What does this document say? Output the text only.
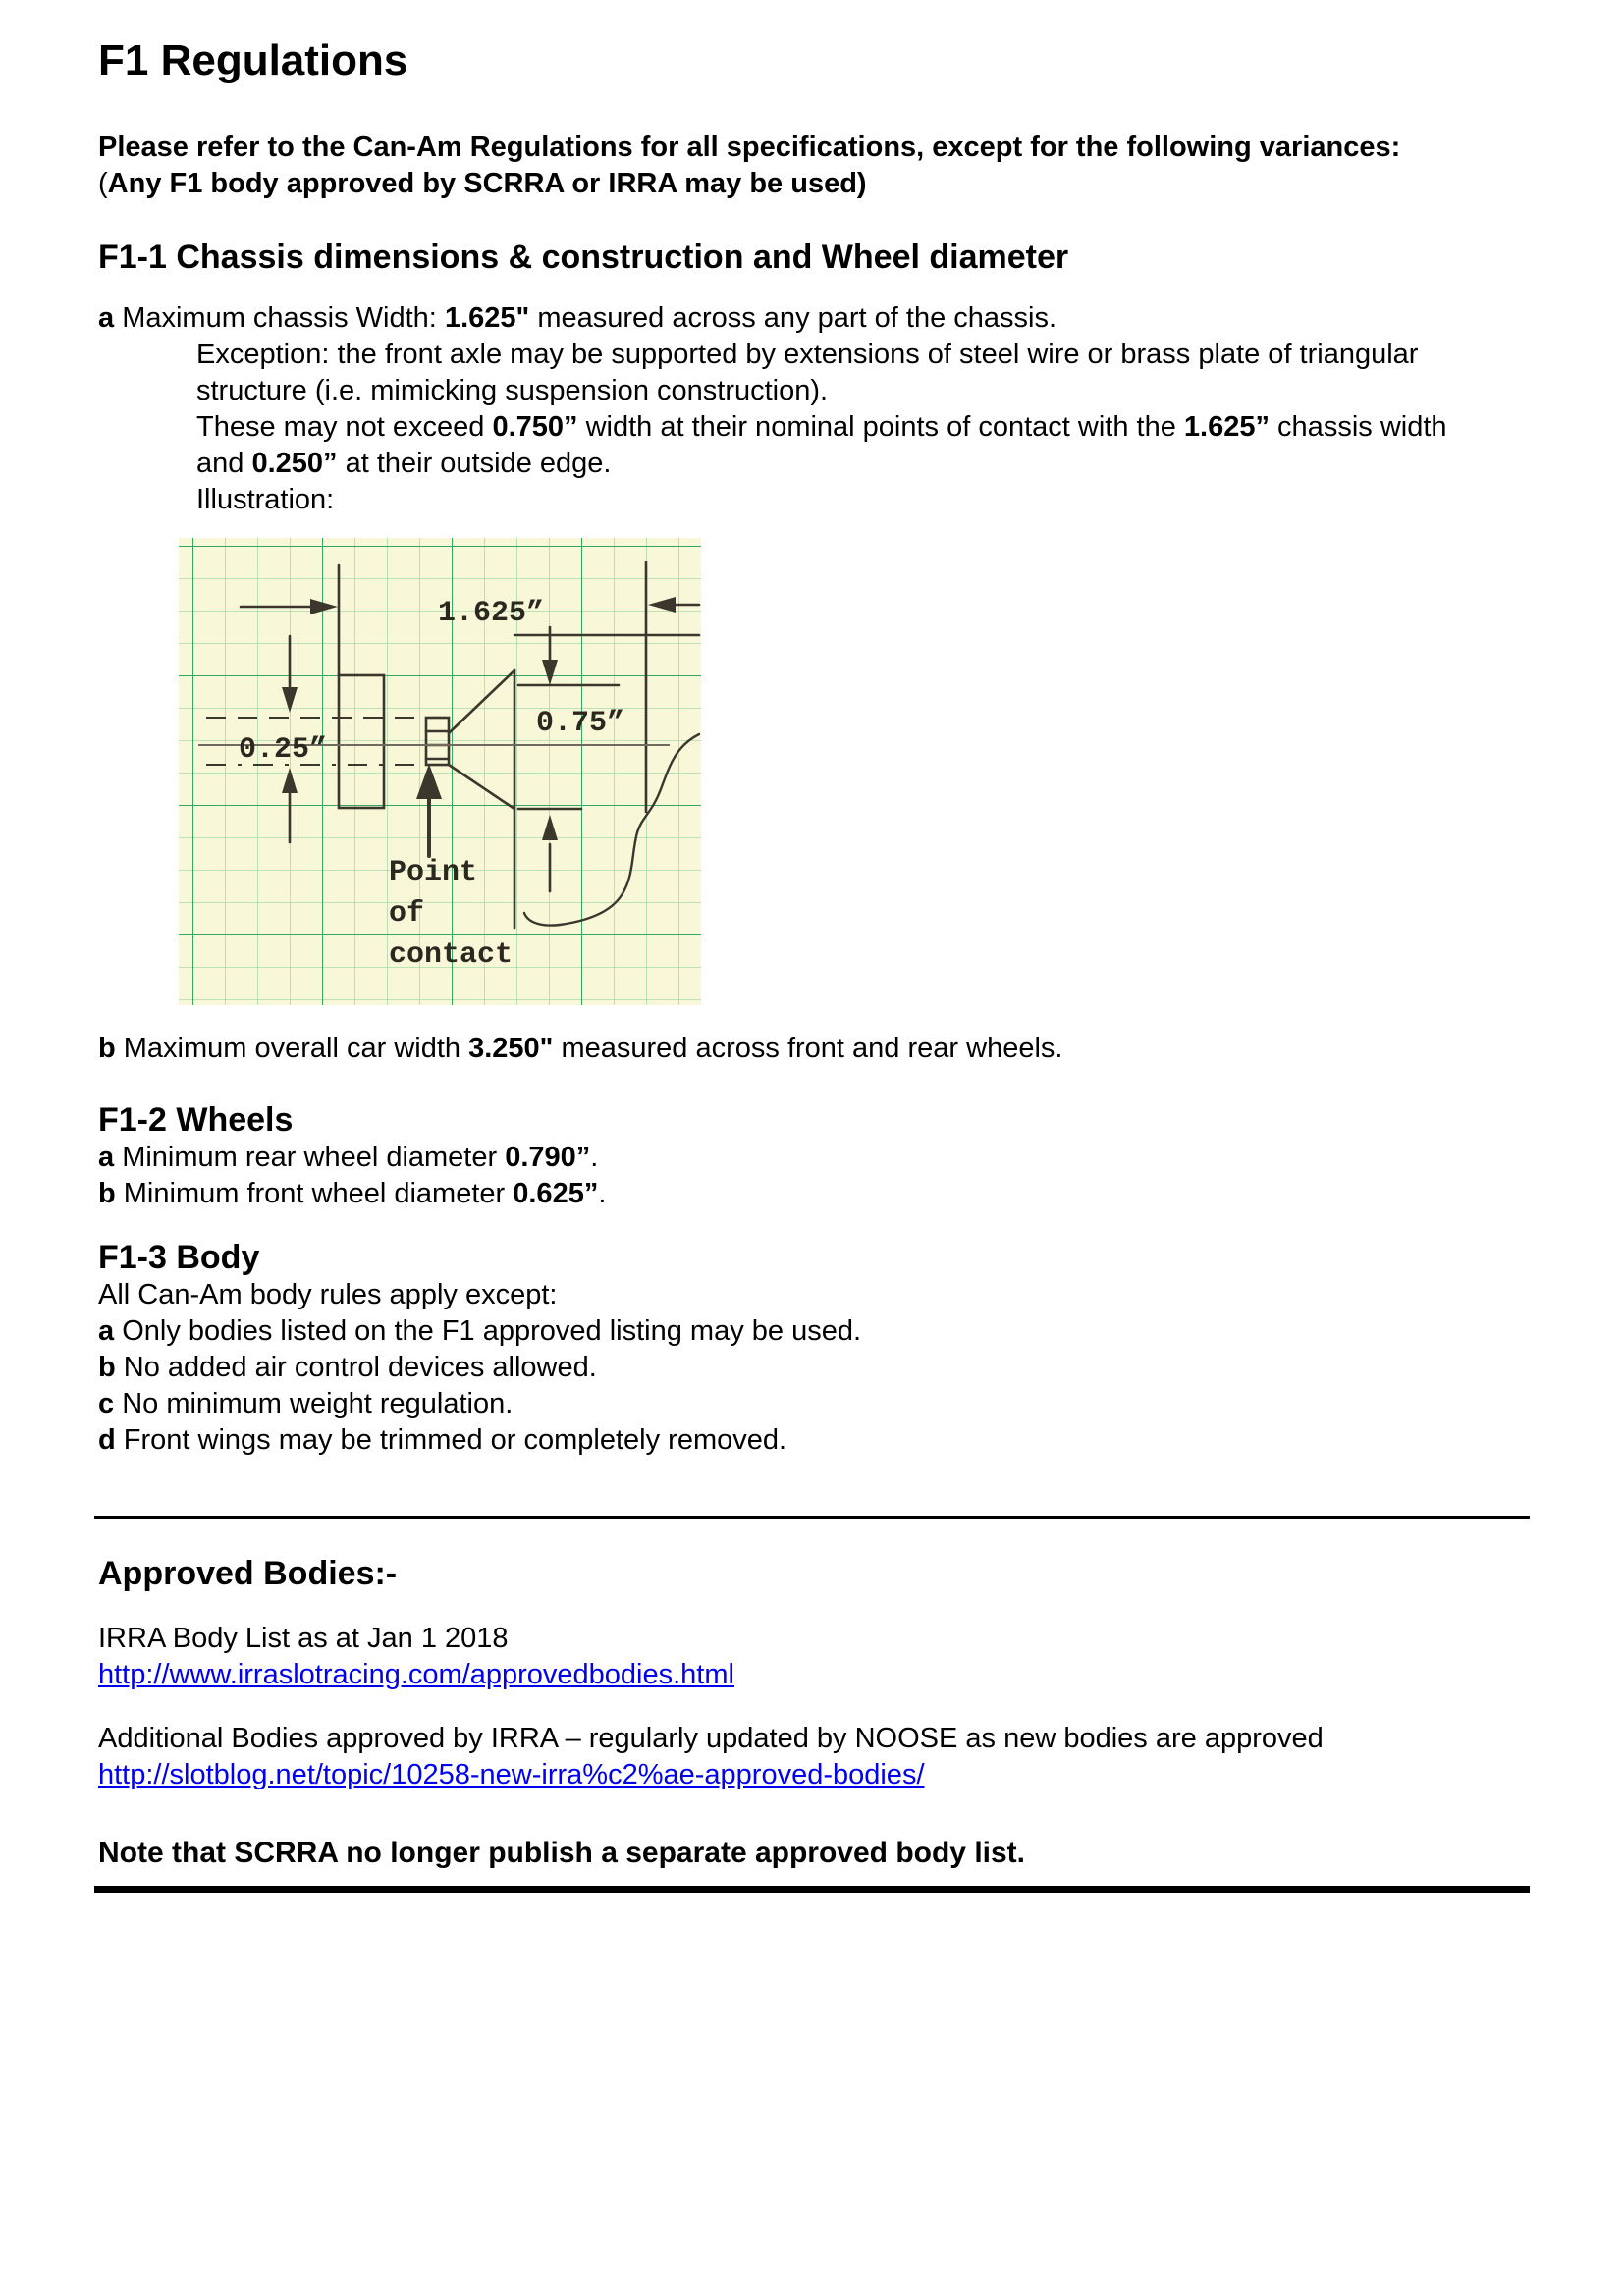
F1 Regulations
Please refer to the Can-Am Regulations for all specifications, except for the following variances:
(Any F1 body approved by SCRRA or IRRA may be used)
F1-1 Chassis dimensions & construction and Wheel diameter
a Maximum chassis Width: 1.625" measured across any part of the chassis.
Exception: the front axle may be supported by extensions of steel wire or brass plate of triangular
structure (i.e. mimicking suspension construction).
These may not exceed 0.750” width at their nominal points of contact with the 1.625” chassis width
and 0.250” at their outside edge.
Illustration:
1.625”
0.75”
0.25”
Point
of
contact
b Maximum overall car width 3.250" measured across front and rear wheels.
F1-2 Wheels
a Minimum rear wheel diameter 0.790”.
b Minimum front wheel diameter 0.625”.
F1-3 Body
All Can-Am body rules apply except:
a Only bodies listed on the F1 approved listing may be used.
b No added air control devices allowed.
c No minimum weight regulation.
d Front wings may be trimmed or completely removed.
Approved Bodies:-
IRRA Body List as at Jan 1 2018
http://www.irraslotracing.com/approvedbodies.html
Additional Bodies approved by IRRA – regularly updated by NOOSE as new bodies are approved
http://slotblog.net/topic/10258-new-irra%c2%ae-approved-bodies/
Note that SCRRA no longer publish a separate approved body list.
